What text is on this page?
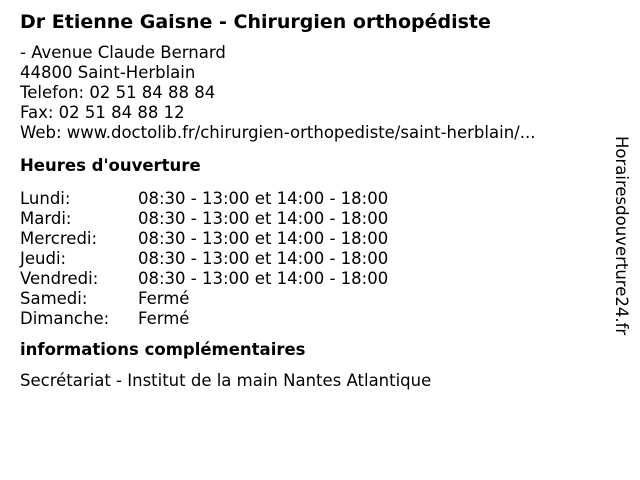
Dr Etienne Gaisne - Chirurgien orthopédiste
- Avenue Claude Bernard
44800 Saint-Herblain
Telefon: 02 51 84 88 84
Fax: 02 51 84 88 12
Web: www.doctolib.fr/chirurgien-orthopediste/saint-herblain/...
Heures d'ouverture
Lundi:	08:30 - 13:00 et 14:00 - 18:00
Mardi:	08:30 - 13:00 et 14:00 - 18:00
Mercredi:	08:30 - 13:00 et 14:00 - 18:00
Jeudi:	08:30 - 13:00 et 14:00 - 18:00
Vendredi:	08:30 - 13:00 et 14:00 - 18:00
Samedi:	Fermé
Dimanche:	Fermé
informations complémentaires
Secrétariat - Institut de la main Nantes Atlantique
Horairesdouverture24.fr
